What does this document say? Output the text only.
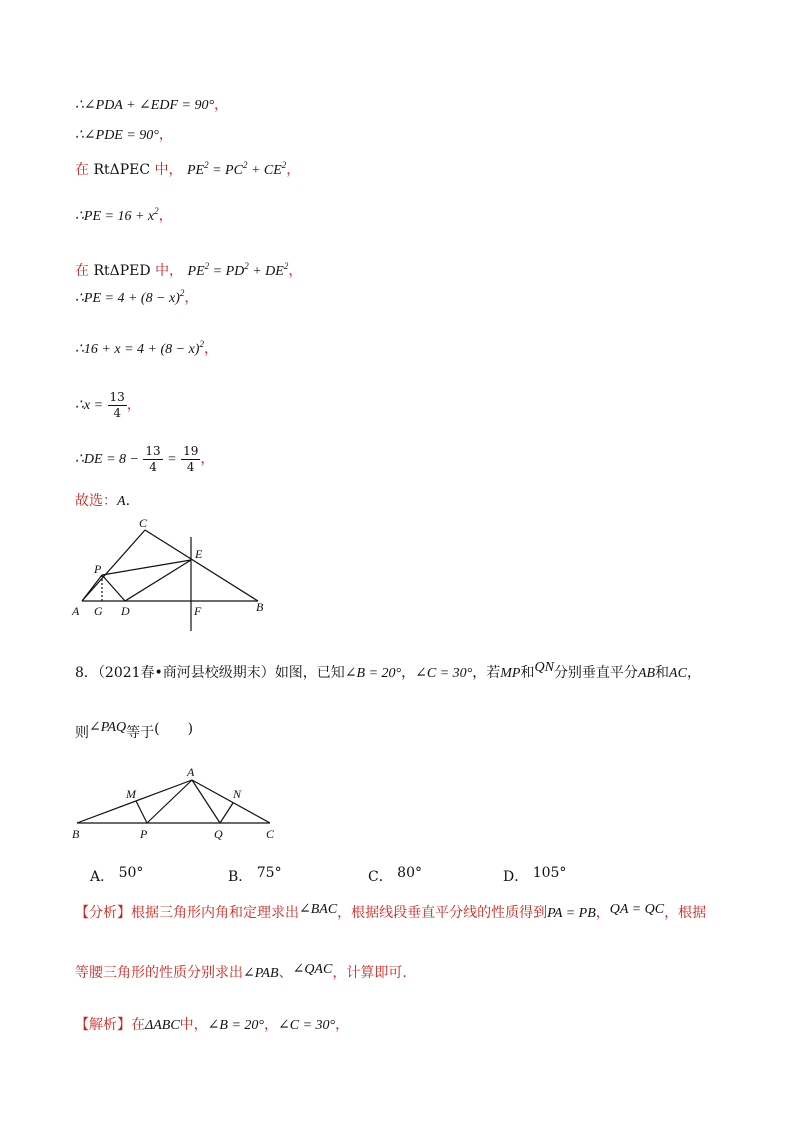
∴∠PDA + ∠EDF = 90°，
∴∠PDE = 90°，
在 RtΔPEC 中， $PE^2 = PC^2 + CE^2$，
∴PE = $16 + x^2$，
在 RtΔPED 中， $PE^2 = PD^2 + DE^2$，
∴PE = $4 + (8 - x)^2$，
∴16 + $x = 4 + (8 - x)^2$，
∴x = $\frac{13}{4}$ ，
∴DE = $8 - \frac{13}{4} = \frac{19}{4}$ ，
故选：A.
C
E
P
A G D	F	B
8．（2021春•商河县校级期末）如图，已知∠B = 20°，∠C = 30°，若MP和QN分别垂直平分AB和AC，
则∠PAQ等于(　　)
A
M	N
B	P	Q	C
A． 50°	B． 75°	C． 80°	D． 105°
【分析】根据三角形内角和定理求出∠BAC，根据线段垂直平分线的性质得到PA = PB，QA = QC，根据
等腰三角形的性质分别求出∠PAB、∠QAC，计算即可.
【解析】在ΔABC中，∠B = 20°，∠C = 30°，
